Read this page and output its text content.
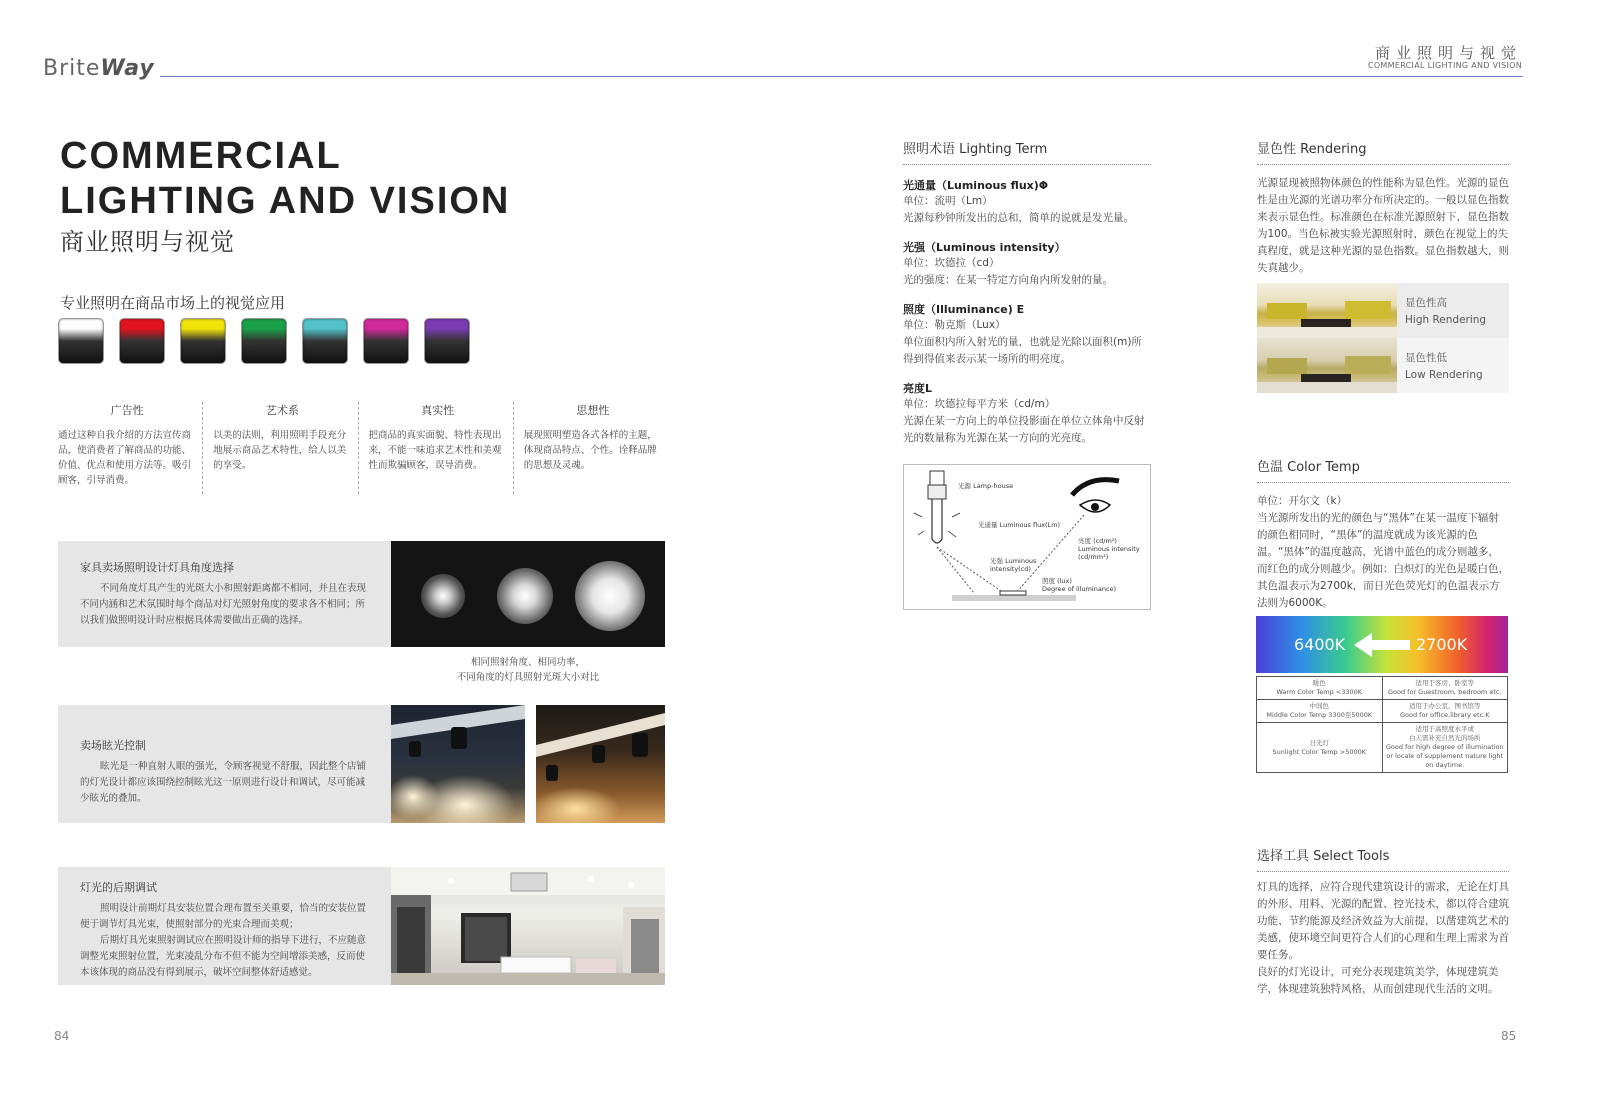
BriteWay
商业照明与视觉
COMMERCIAL LIGHTING AND VISION
COMMERCIAL
LIGHTING AND VISION
商业照明与视觉
专业照明在商品市场上的视觉应用
广告性

通过这种自我介绍的方法宣传商品，使消费者了解商品的功能、价值、优点和使用方法等。吸引顾客，引导消费。

艺术系

以美的法则，利用照明手段充分地展示商品艺术特性，给人以美的享受。

真实性

把商品的真实面貌、特性表现出来，不能一味追求艺术性和美观性而欺骗顾客，误导消费。

思想性

展现照明塑造各式各样的主题，体现商品特点、个性。诠释品牌的思想及灵魂。

家具卖场照明设计灯具角度选择
不同角度灯具产生的光斑大小和照射距离都不相同，并且在表现不同内涵和艺术氛围时每个商品对灯光照射角度的要求各不相同；所以我们做照明设计时应根据具体需要做出正确的选择。
相同照射角度、相同功率，
不同角度的灯具照射光斑大小对比
卖场眩光控制
眩光是一种直射人眼的强光，令顾客视觉不舒服，因此整个店铺的灯光设计都应该围绕控制眩光这一原则进行设计和调试，尽可能减少眩光的叠加。
灯光的后期调试
照明设计前期灯具安装位置合理布置至关重要，恰当的安装位置便于调节灯具光束，使照射部分的光束合理而美观；
后期灯具光束照射调试应在照明设计师的指导下进行，不应随意调整光束照射位置，光束凌乱分布不但不能为空间增添美感，反而使本该体现的商品没有得到展示，破坏空间整体舒适感觉。
84
照明术语 Lighting Term
光通量（Luminous flux)Φ
单位：流明（Lm）
光源每秒钟所发出的总和，简单的说就是发光量。
光强（Luminous intensity）
单位：坎德拉（cd）
光的强度：在某一特定方向角内所发射的量。
照度（Illuminance) E
单位：勒克斯（Lux）
单位面积内所入射光的量，也就是光除以面积(m)所得到得值来表示某一场所的明亮度。
亮度L
单位：坎德拉每平方米（cd/m）
光源在某一方向上的单位投影面在单位立体角中反射光的数量称为光源在某一方向的光亮度。
光源 Lamp-house
光通量 Luminous flux(Lm)
光强 Luminous
intensity(cd)
亮度 (cd/m²)
Luminous intensity
(cd/mm²)
照度 (lux)
Degree of illuminance)
显色性 Rendering
光源显现被照物体颜色的性能称为显色性。光源的显色性是由光源的光谱功率分布所决定的。一般以显色指数来表示显色性。标准颜色在标准光源照射下，显色指数为100。当色标被实验光源照射时，颜色在视觉上的失真程度，就是这种光源的显色指数。显色指数越大，则失真越少。
显色性高
High Rendering
显色性低
Low Rendering
色温 Color Temp
单位：开尔文（k）
当光源所发出的光的颜色与“黑体”在某一温度下辐射的颜色相同时，“黑体”的温度就成为该光源的色温。“黑体”的温度越高，光谱中蓝色的成分则越多，而红色的成分则越少。例如：白炽灯的光色是暖白色，其色温表示为2700k，而日光色荧光灯的色温表示方法则为6000K。
6400K	2700K
暖色
Warm Color Temp <3300K	适用于客房、卧室等
Good for Guestroom, bedroom etc.
中间色
Middle Color Temp 3300至5000K	适用于办公室、图书馆等
Good for office,library etc.K
日光灯
Sunlight Color Temp >5000K	适用于高照度水平或
白天需补充自然光的场所
Good for high degree of illumination
or locale of supplement nature light
on daytime.
选择工具 Select Tools
灯具的选择，应符合现代建筑设计的需求，无论在灯具的外形、用料、光源的配置、控光技术，都以符合建筑功能、节约能源及经济效益为大前提，以凿建筑艺术的美感，使环境空间更符合人们的心理和生理上需求为首要任务。
良好的灯光设计，可充分表现建筑美学，体现建筑美学，体现建筑独特风格，从而创建现代生活的文明。
85
